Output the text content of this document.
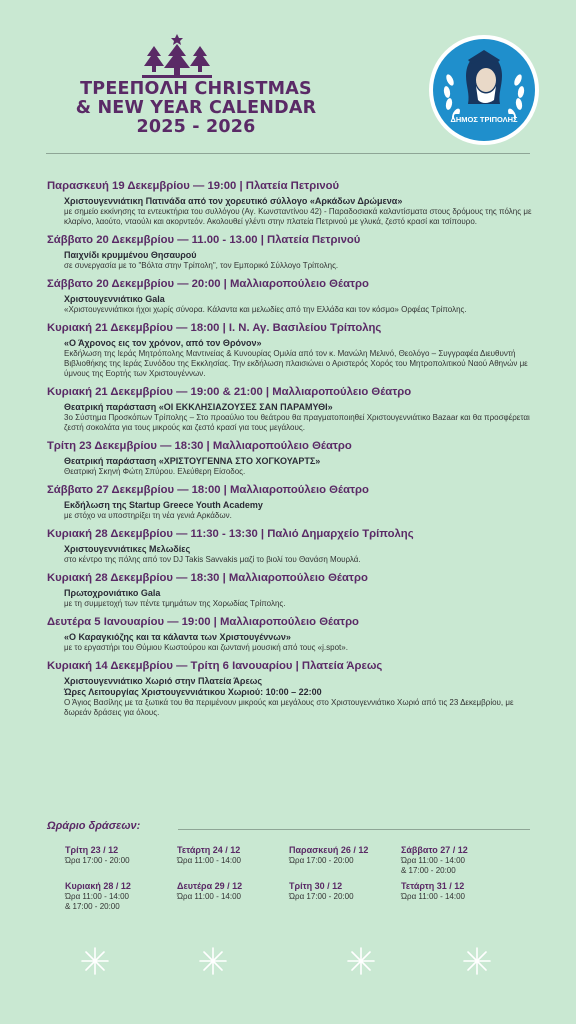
ΤΡΕΕΠΟΛΗ CHRISTMAS
& NEW YEAR CALENDAR
2025 - 2026	ΔΗΜΟΣ ΤΡΙΠΟΛΗΣ
Παρασκευή 19 Δεκεμβρίου — 19:00 | Πλατεία Πετρινού
Χριστουγεννιάτικη Πατινάδα από τον χορευτικό σύλλογο «Αρκάδων Δρώμενα»
με σημείο εκκίνησης τα εντευκτήρια του συλλόγου (Αγ. Κωνσταντίνου 42) - Παραδοσιακά καλαντίσματα στους δρόμους της πόλης με κλαρίνο, λαούτο, νταούλι και ακορντεόν. Ακολουθεί γλέντι στην πλατεία Πετρινού με γλυκά, ζεστό κρασί και τσίπουρο.
Σάββατο 20 Δεκεμβρίου — 11.00 - 13.00 | Πλατεία Πετρινού
Παιχνίδι κρυμμένου Θησαυρού
σε συνεργασία με το "Βόλτα στην Τρίπολη", τον Εμπορικό Σύλλογο Τρίπολης.
Σάββατο 20 Δεκεμβρίου — 20:00 | Μαλλιαροπούλειο Θέατρο
Χριστουγεννιάτικο Gala
«Χριστουγεννιάτικοι ήχοι χωρίς σύνορα. Κάλαντα και μελωδίες από την Ελλάδα και τον κόσμο» Ορφέας Τρίπολης.
Κυριακή 21 Δεκεμβρίου — 18:00 | Ι. Ν. Αγ. Βασιλείου Τρίπολης
«Ο Άχρονος εις τον χρόνον, από τον Θρόνον»
Εκδήλωση της Ιεράς Μητρόπολης Μαντινείας & Κυνουρίας Ομιλία από τον κ. Μανώλη Μελινό, Θεολόγο – Συγγραφέα Διευθυντή Βιβλιοθήκης της Ιεράς Συνόδου της Εκκλησίας. Την εκδήλωση πλαισιώνει ο Αριστερός Χορός του Μητροπολιτικού Ναού Αθηνών με ύμνους της Εορτής των Χριστουγέννων.
Κυριακή 21 Δεκεμβρίου — 19:00 & 21:00 | Μαλλιαροπούλειο Θέατρο
Θεατρική παράσταση «ΟΙ ΕΚΚΛΗΣΙΑΖΟΥΣΕΣ ΣΑΝ ΠΑΡΑΜΥΘΙ»
3ο Σύστημα Προσκόπων Τρίπολης – Στο προαύλιο του θεάτρου θα πραγματοποιηθεί Χριστουγεννιάτικο Bazaar και θα προσφέρεται ζεστή σοκολάτα για τους μικρούς και ζεστό κρασί για τους μεγάλους.
Τρίτη 23 Δεκεμβρίου — 18:30 | Μαλλιαροπούλειο Θέατρο
Θεατρική παράσταση «ΧΡΙΣΤΟΥΓΕΝΝΑ ΣΤΟ ΧΟΓΚΟΥΑΡΤΣ»
Θεατρική Σκηνή Φώτη Σπύρου. Ελεύθερη Είσοδος.
Σάββατο 27 Δεκεμβρίου — 18:00 | Μαλλιαροπούλειο Θέατρο
Εκδήλωση της Startup Greece Youth Academy
με στόχο να υποστηρίξει τη νέα γενιά Αρκάδων.
Κυριακή 28 Δεκεμβρίου — 11:30 - 13:30 | Παλιό Δημαρχείο Τρίπολης
Χριστουγεννιάτικες Μελωδίες
στο κέντρο της πόλης από τον DJ Takis Savvakis μαζί το βιολί του Θανάση Μουρλά.
Κυριακή 28 Δεκεμβρίου — 18:30 | Μαλλιαροπούλειο Θέατρο
Πρωτοχρονιάτικο Gala
με τη συμμετοχή των πέντε τμημάτων της Χορωδίας Τρίπολης.
Δευτέρα 5 Ιανουαρίου — 19:00 | Μαλλιαροπούλειο Θέατρο
«Ο Καραγκιόζης και τα κάλαντα των Χριστουγέννων»
με το εργαστήρι του Θύμιου Κωστούρου και ζωντανή μουσική από τους «j.spot».
Κυριακή 14 Δεκεμβρίου — Τρίτη 6 Ιανουαρίου | Πλατεία Άρεως
Χριστουγεννιάτικο Χωριό στην Πλατεία Άρεως
Ώρες Λειτουργίας Χριστουγεννιάτικου Χωριού: 10:00 – 22:00
Ο Άγιος Βασίλης με τα ξωτικά του θα περιμένουν μικρούς και μεγάλους στο Χριστουγεννιάτικο Χωριό από τις 23 Δεκεμβρίου, με δωρεάν δράσεις για όλους.
Ωράριο δράσεων:
Τρίτη 23 / 12
Ώρα 17:00 - 20:00
Τετάρτη 24 / 12
Ώρα 11:00 - 14:00
Παρασκευή 26 / 12
Ώρα 17:00 - 20:00
Σάββατο 27 / 12
Ώρα 11:00 - 14:00
& 17:00 - 20:00
Κυριακή 28 / 12
Ώρα 11:00 - 14:00
& 17:00 - 20:00
Δευτέρα 29 / 12
Ώρα 11:00 - 14:00
Τρίτη 30 / 12
Ώρα 17:00 - 20:00
Τετάρτη 31 / 12
Ώρα 11:00 - 14:00
